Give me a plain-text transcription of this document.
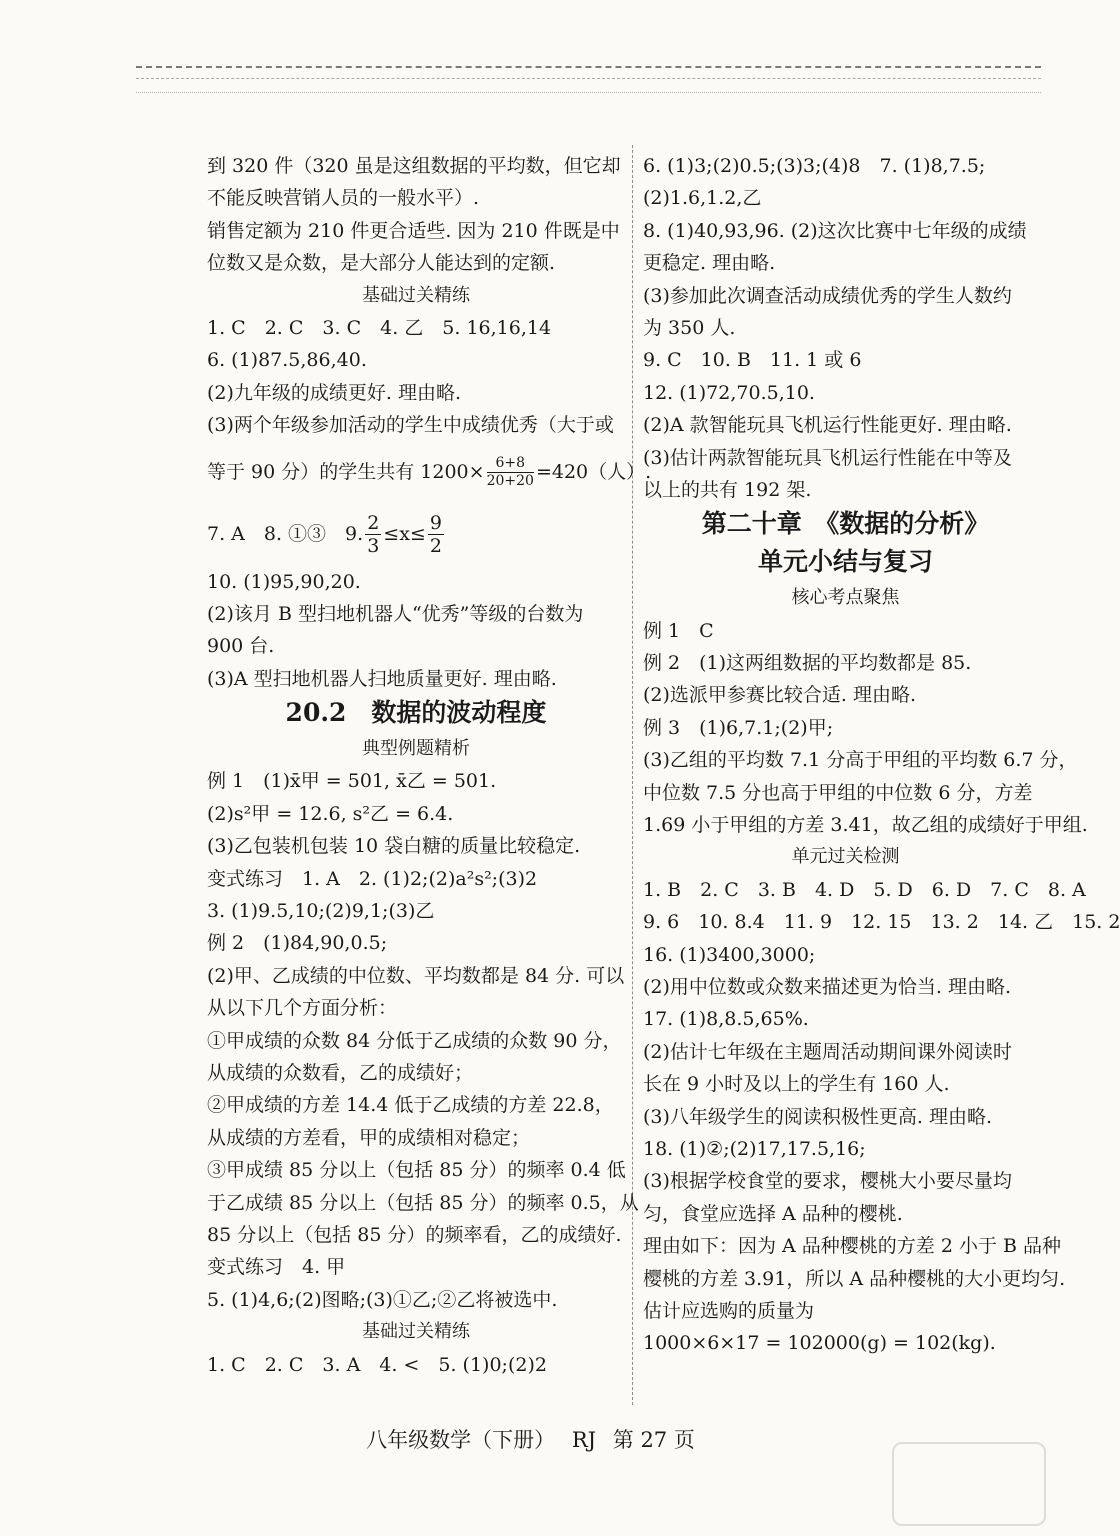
到 320 件（320 虽是这组数据的平均数，但它却
不能反映营销人员的一般水平）.
销售定额为 210 件更合适些. 因为 210 件既是中
位数又是众数，是大部分人能达到的定额.
基础过关精练
1. C　2. C　3. C　4. 乙　5. 16,16,14
6. (1)87.5,86,40.
(2)九年级的成绩更好. 理由略.
(3)两个年级参加活动的学生中成绩优秀（大于或
等于 90 分）的学生共有 $1200\times \frac{6+8}{20+20} =420$（人）.
7. A　8. ①③　9. $\frac{2}{3} \le x\le \frac{9}{2}$
10. (1)95,90,20.
(2)该月 B 型扫地机器人“优秀”等级的台数为
900 台.
(3)A 型扫地机器人扫地质量更好. 理由略.
20.2　数据的波动程度
典型例题精析
例 1　(1)x̄甲 = 501, x̄乙 = 501.
(2)s²甲 = 12.6, s²乙 = 6.4.
(3)乙包装机包装 10 袋白糖的质量比较稳定.
变式练习　1. A　2. (1)2;(2)a²s²;(3)2
3. (1)9.5,10;(2)9,1;(3)乙
例 2　(1)84,90,0.5;
(2)甲、乙成绩的中位数、平均数都是 84 分. 可以
从以下几个方面分析：
①甲成绩的众数 84 分低于乙成绩的众数 90 分，
从成绩的众数看，乙的成绩好；
②甲成绩的方差 14.4 低于乙成绩的方差 22.8，
从成绩的方差看，甲的成绩相对稳定；
③甲成绩 85 分以上（包括 85 分）的频率 0.4 低
于乙成绩 85 分以上（包括 85 分）的频率 0.5，从
85 分以上（包括 85 分）的频率看，乙的成绩好.
变式练习　4. 甲
5. (1)4,6;(2)图略;(3)①乙;②乙将被选中.
基础过关精练
1. C　2. C　3. A　4. <　5. (1)0;(2)2
6. (1)3;(2)0.5;(3)3;(4)8　7. (1)8,7.5;
(2)1.6,1.2,乙
8. (1)40,93,96. (2)这次比赛中七年级的成绩
更稳定. 理由略.
(3)参加此次调查活动成绩优秀的学生人数约
为 350 人.
9. C　10. B　11. 1 或 6
12. (1)72,70.5,10.
(2)A 款智能玩具飞机运行性能更好. 理由略.
(3)估计两款智能玩具飞机运行性能在中等及
以上的共有 192 架.
第二十章　《数据的分析》
单元小结与复习
核心考点聚焦
例 1　C
例 2　(1)这两组数据的平均数都是 85.
(2)选派甲参赛比较合适. 理由略.
例 3　(1)6,7.1;(2)甲;
(3)乙组的平均数 7.1 分高于甲组的平均数 6.7 分，
中位数 7.5 分也高于甲组的中位数 6 分，方差
1.69 小于甲组的方差 3.41，故乙组的成绩好于甲组.
单元过关检测
1. B　2. C　3. B　4. D　5. D　6. D　7. C　8. A
9. 6　10. 8.4　11. 9　12. 15　13. 2　14. 乙　15. 2
16. (1)3400,3000;
(2)用中位数或众数来描述更为恰当. 理由略.
17. (1)8,8.5,65%.
(2)估计七年级在主题周活动期间课外阅读时
长在 9 小时及以上的学生有 160 人.
(3)八年级学生的阅读积极性更高. 理由略.
18. (1)②;(2)17,17.5,16;
(3)根据学校食堂的要求，樱桃大小要尽量均
匀，食堂应选择 A 品种的樱桃.
理由如下：因为 A 品种樱桃的方差 2 小于 B 品种
樱桃的方差 3.91，所以 A 品种樱桃的大小更均匀.
估计应选购的质量为
1000×6×17 = 102000(g) = 102(kg).
八年级数学（下册） RJ 第 27 页
